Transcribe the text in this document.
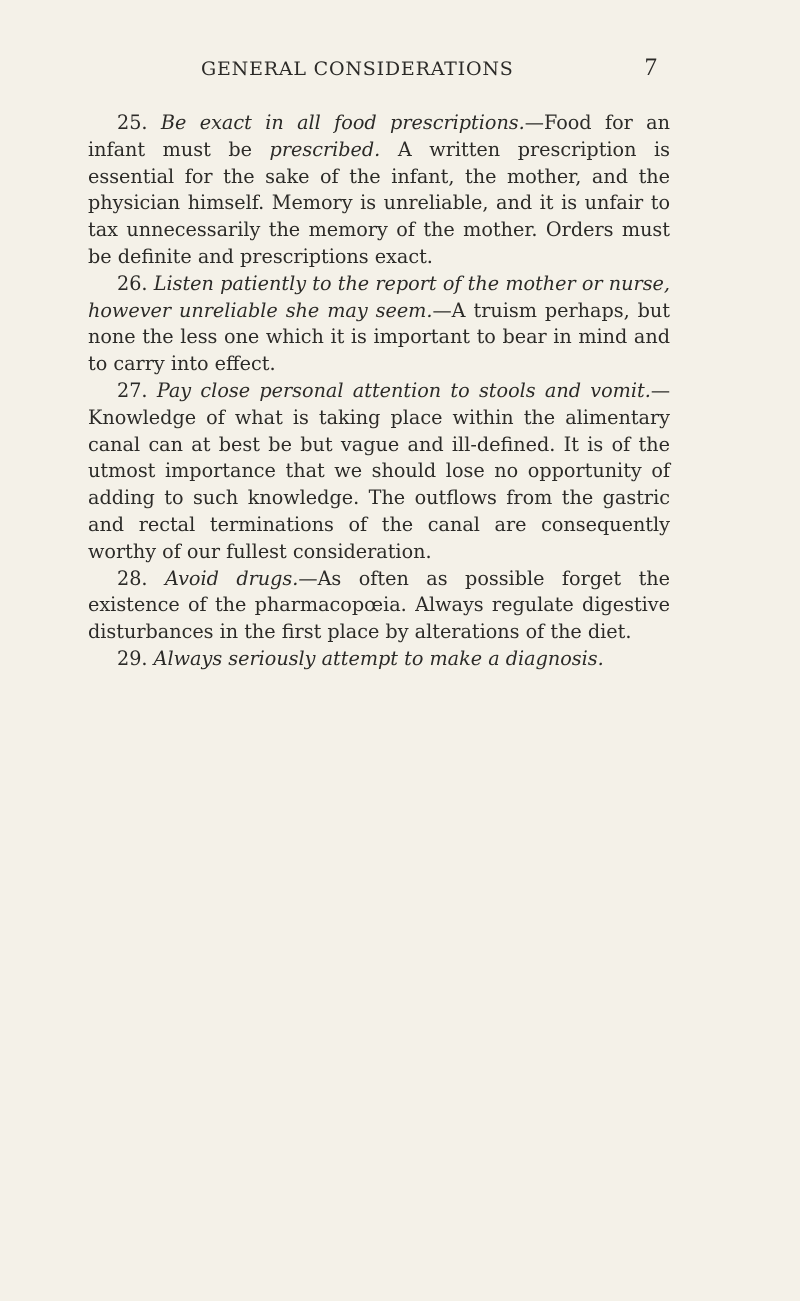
GENERAL CONSIDERATIONS	7

25. Be exact in all food prescriptions.—Food for an infant must be prescribed. A written prescription is essential for the sake of the infant, the mother, and the physician himself. Memory is unreliable, and it is unfair to tax unnecessarily the memory of the mother. Orders must be definite and prescriptions exact.

26. Listen patiently to the report of the mother or nurse, however unreliable she may seem.—A truism perhaps, but none the less one which it is important to bear in mind and to carry into effect.

27. Pay close personal attention to stools and vomit.— Knowledge of what is taking place within the alimentary canal can at best be but vague and ill-defined. It is of the utmost importance that we should lose no opportunity of adding to such knowledge. The outflows from the gastric and rectal terminations of the canal are consequently worthy of our fullest consideration.

28. Avoid drugs.—As often as possible forget the existence of the pharmacopœia. Always regulate digestive disturbances in the first place by alterations of the diet.

29. Always seriously attempt to make a diagnosis.
